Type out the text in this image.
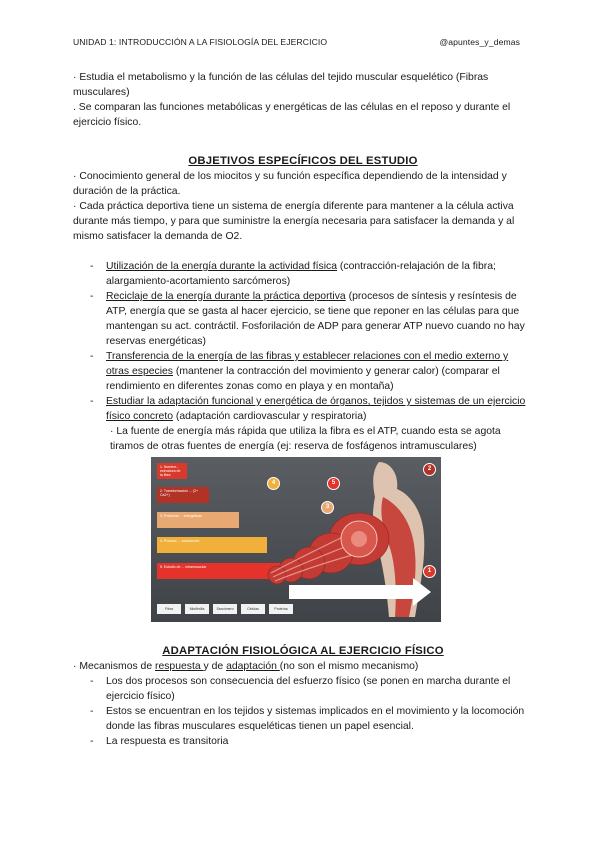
UNIDAD 1: INTRODUCCIÓN A LA FISIOLOGÍA DEL EJERCICIO	@apuntes_y_demas

· Estudia el metabolismo y la función de las células del tejido muscular esquelético (Fibras musculares)

. Se comparan las funciones metabólicas y energéticas de las células en el reposo y durante el ejercicio físico.

OBJETIVOS ESPECÍFICOS DEL ESTUDIO

· Conocimiento general de los miocitos y su función específica dependiendo de la intensidad y duración de la práctica.

· Cada práctica deportiva tiene un sistema de energía diferente para mantener a la célula activa durante más tiempo, y para que suministre la energía necesaria para satisfacer la demanda y al mismo satisfacer la demanda de O2.

- Utilización de la energía durante la actividad física (contracción-relajación de la fibra; alargamiento-acortamiento sarcómeros)
- Reciclaje de la energía durante la práctica deportiva (procesos de síntesis y resíntesis de ATP, energía que se gasta al hacer ejercicio, se tiene que reponer en las células para que mantengan su act. contráctil. Fosforilación de ADP para generar ATP nuevo cuando no hay reservas energéticas)
- Transferencia de la energía de las fibras y establecer relaciones con el medio externo y otras especies (mantener la contracción del movimiento y generar calor) (comparar el rendimiento en diferentes zonas como en playa y en montaña)
- Estudiar la adaptación funcional y energética de órganos, tejidos y sistemas de un ejercicio físico concreto (adaptación cardiovascular y respiratoria)

· La fuente de energía más rápida que utiliza la fibra es el ATP, cuando esta se agota tiramos de otras fuentes de energía (ej: reserva de fosfágenos intramusculares)

1. Nombre... estructura de la fibra
2. Transformación ... (2+ Ca2+)
3. Proteínas ... energéticas
4. Proceso ... contracción
5. Estudio de ... intramuscular
4	5
3
2
1
Fibra	Miofibrilla	Sarcómero	Células	Proteína
ADAPTACIÓN FISIOLÓGICA AL EJERCICIO FÍSICO

· Mecanismos de respuesta y de adaptación (no son el mismo mecanismo)

- Los dos procesos son consecuencia del esfuerzo físico (se ponen en marcha durante el ejercicio físico)
- Estos se encuentran en los tejidos y sistemas implicados en el movimiento y la locomoción donde las fibras musculares esqueléticas tienen un papel esencial.
- La respuesta es transitoria
